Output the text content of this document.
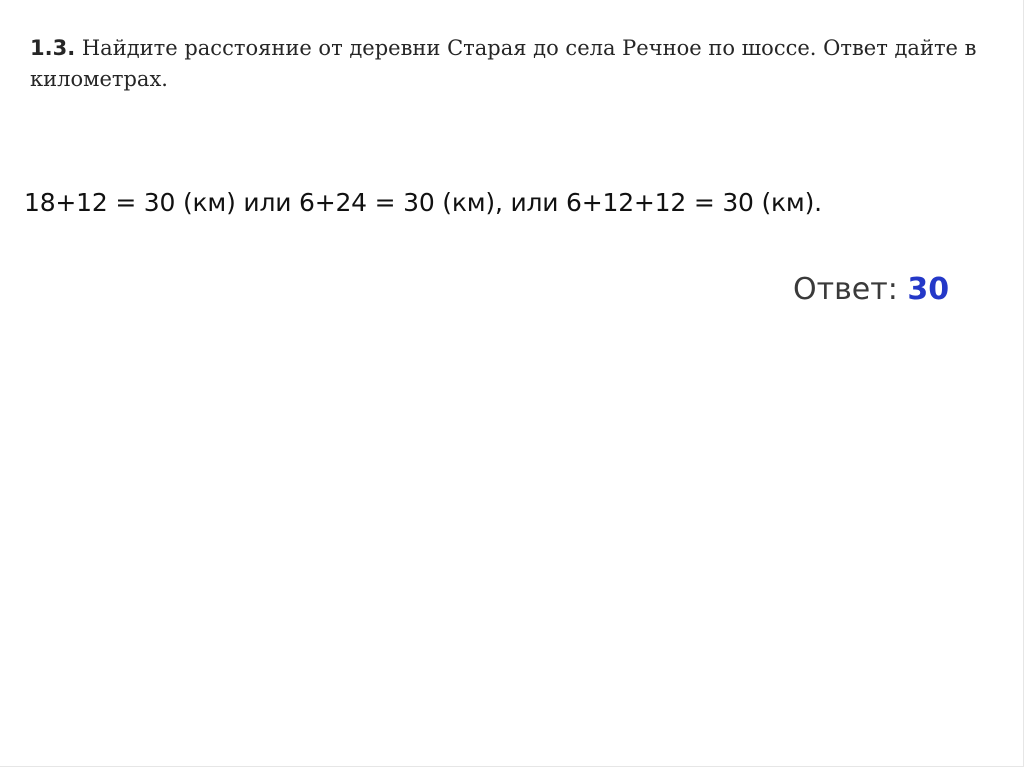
1.3. Найдите расстояние от деревни Старая до села Речное по шоссе. Ответ дайте в километрах.
18+12 = 30 (км) или 6+24 = 30 (км), или 6+12+12 = 30 (км).
Ответ: 30
